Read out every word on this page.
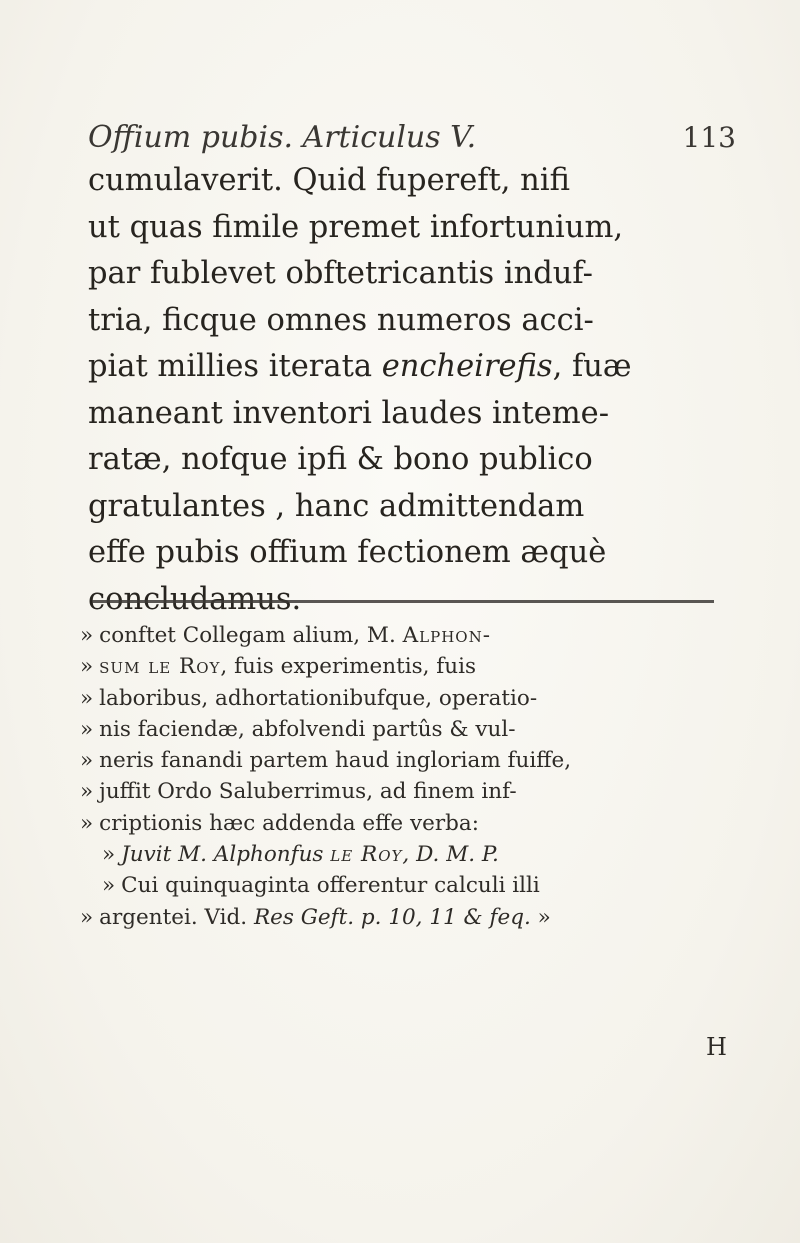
Offium pubis. Articulus V.	113
cumulaverit. Quid fupereft, nifi
ut quas fimile premet infortunium,
par fublevet obftetricantis induf-
tria, ficque omnes numeros acci-
piat millies iterata encheirefis, fuæ
maneant inventori laudes inteme-
ratæ, nofque ipfi & bono publico
gratulantes , hanc admittendam
effe pubis offium fectionem æquè
concludamus.
» conftet Collegam alium, M. Alphon-
» sum le Roy, fuis experimentis, fuis
» laboribus, adhortationibufque, operatio-
» nis faciendæ, abfolvendi partûs & vul-
» neris fanandi partem haud ingloriam fuiffe,
» juffit Ordo Saluberrimus, ad finem inf-
» criptionis hæc addenda effe verba:
» Juvit M. Alphonfus le Roy, D. M. P.
» Cui quinquaginta offerentur calculi illi
» argentei. Vid. Res Geft. p. 10, 11 & feq. »
H
